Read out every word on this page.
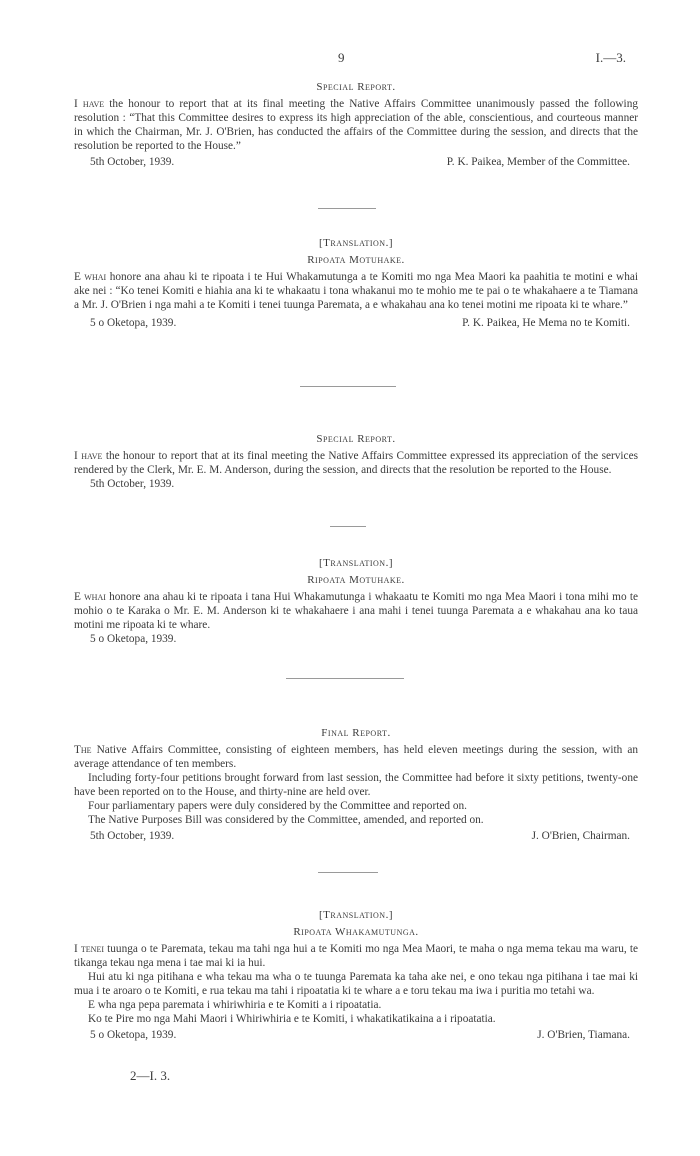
9	I.—3.
Special Report.

I have the honour to report that at its final meeting the Native Affairs Committee unanimously passed the following resolution : “That this Committee desires to express its high appreciation of the able, conscientious, and courteous manner in which the Chairman, Mr. J. O'Brien, has conducted the affairs of the Committee during the session, and directs that the resolution be reported to the House.”

5th October, 1939.	P. K. Paikea, Member of the Committee.
[Translation.]
Ripoata Motuhake.

E whai honore ana ahau ki te ripoata i te Hui Whakamutunga a te Komiti mo nga Mea Maori ka paahitia te motini e whai ake nei : “Ko tenei Komiti e hiahia ana ki te whakaatu i tona whakanui mo te mohio me te pai o te whakahaere a te Tiamana a Mr. J. O'Brien i nga mahi a te Komiti i tenei tuunga Paremata, a e whakahau ana ko tenei motini me ripoata ki te whare.”

5 o Oketopa, 1939.	P. K. Paikea, He Mema no te Komiti.
Special Report.

I have the honour to report that at its final meeting the Native Affairs Committee expressed its appreciation of the services rendered by the Clerk, Mr. E. M. Anderson, during the session, and directs that the resolution be reported to the House.

5th October, 1939.
[Translation.]
Ripoata Motuhake.

E whai honore ana ahau ki te ripoata i tana Hui Whakamutunga i whakaatu te Komiti mo nga Mea Maori i tona mihi mo te mohio o te Karaka o Mr. E. M. Anderson ki te whakahaere i ana mahi i tenei tuunga Paremata a e whakahau ana ko taua motini me ripoata ki te whare.

5 o Oketopa, 1939.
Final Report.

The Native Affairs Committee, consisting of eighteen members, has held eleven meetings during the session, with an average attendance of ten members.

Including forty-four petitions brought forward from last session, the Committee had before it sixty petitions, twenty-one have been reported on to the House, and thirty-nine are held over.

Four parliamentary papers were duly considered by the Committee and reported on.

The Native Purposes Bill was considered by the Committee, amended, and reported on.

5th October, 1939.	J. O'Brien, Chairman.
[Translation.]
Ripoata Whakamutunga.

I tenei tuunga o te Paremata, tekau ma tahi nga hui a te Komiti mo nga Mea Maori, te maha o nga mema tekau ma waru, te tikanga tekau nga mena i tae mai ki ia hui.

Hui atu ki nga pitihana e wha tekau ma wha o te tuunga Paremata ka taha ake nei, e ono tekau nga pitihana i tae mai ki mua i te aroaro o te Komiti, e rua tekau ma tahi i ripoatatia ki te whare a e toru tekau ma iwa i puritia mo tetahi wa.

E wha nga pepa paremata i whiriwhiria e te Komiti a i ripoatatia.

Ko te Pire mo nga Mahi Maori i Whiriwhiria e te Komiti, i whakatikatikaina a i ripoatatia.

5 o Oketopa, 1939.	J. O'Brien, Tiamana.
2—I. 3.
